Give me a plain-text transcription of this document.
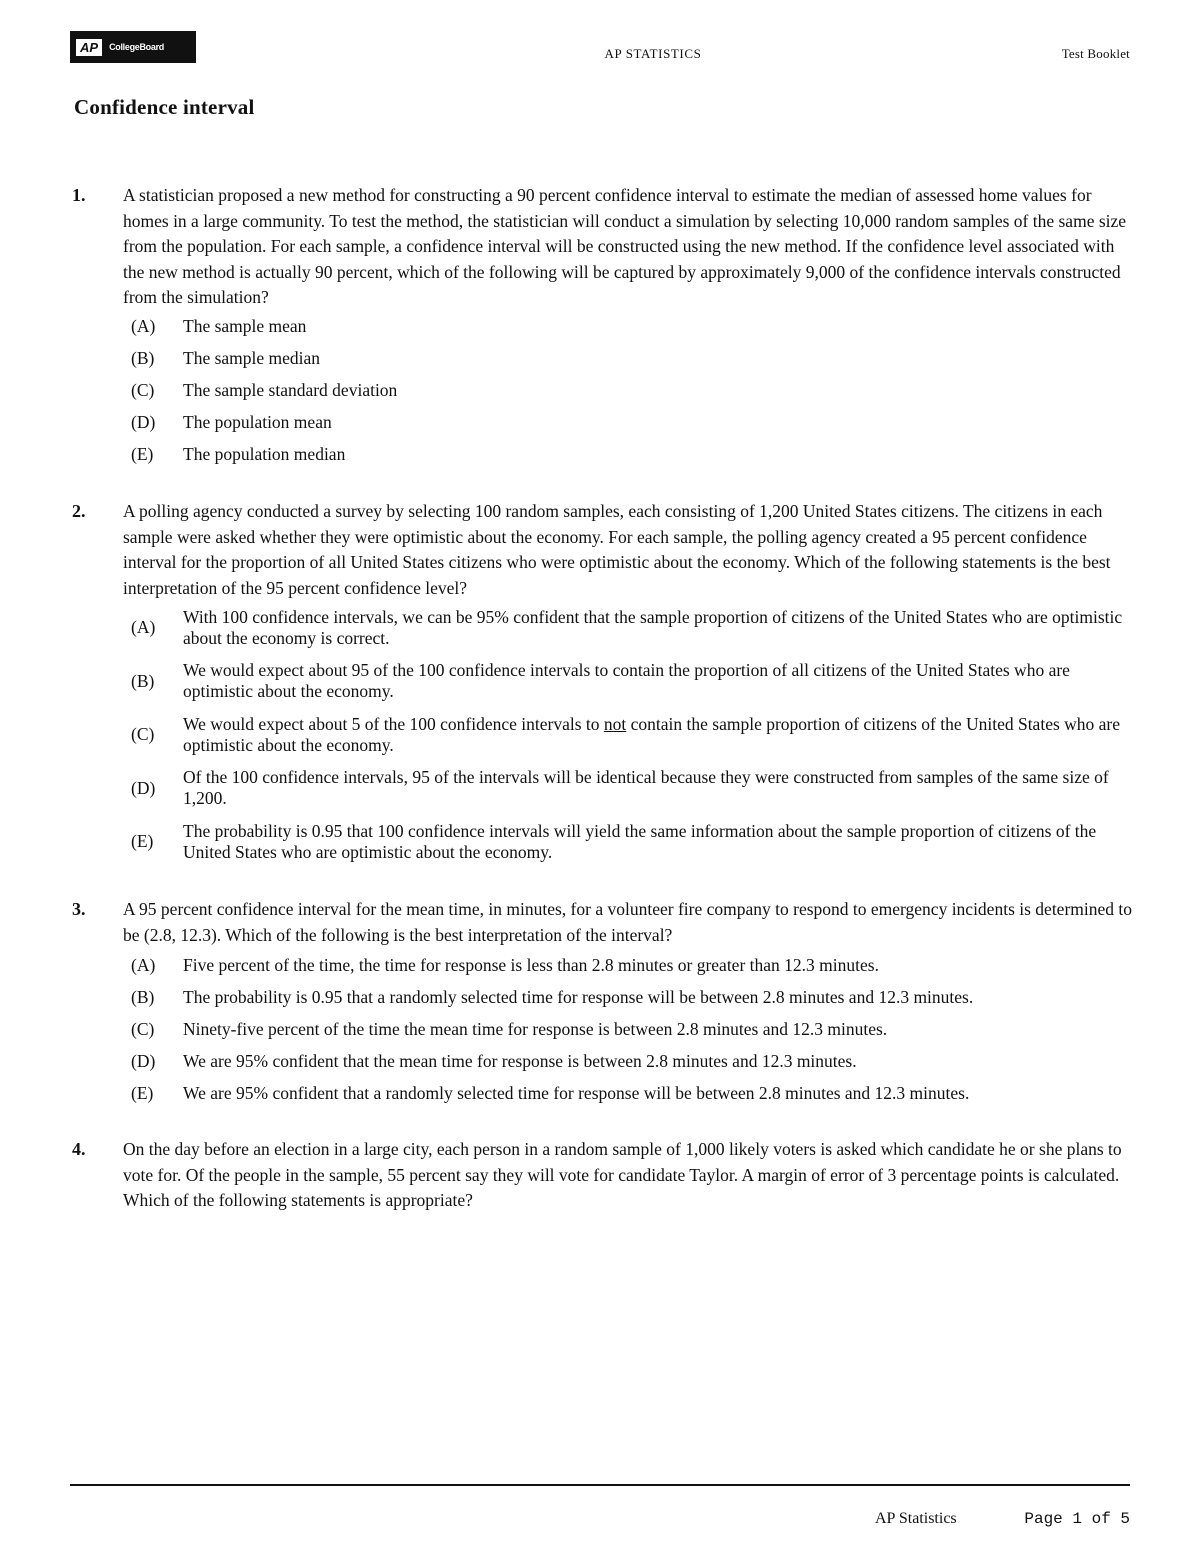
AP	CollegeBoard	AP STATISTICS	Test Booklet
Confidence interval
1. A statistician proposed a new method for constructing a 90 percent confidence interval to estimate the median of assessed home values for homes in a large community. To test the method, the statistician will conduct a simulation by selecting 10,000 random samples of the same size from the population. For each sample, a confidence interval will be constructed using the new method. If the confidence level associated with the new method is actually 90 percent, which of the following will be captured by approximately 9,000 of the confidence intervals constructed from the simulation?
(A)	The sample mean
(B)	The sample median
(C)	The sample standard deviation
(D)	The population mean
(E)	The population median
2. A polling agency conducted a survey by selecting 100 random samples, each consisting of 1,200 United States citizens. The citizens in each sample were asked whether they were optimistic about the economy. For each sample, the polling agency created a 95 percent confidence interval for the proportion of all United States citizens who were optimistic about the economy. Which of the following statements is the best interpretation of the 95 percent confidence level?
(A)
With 100 confidence intervals, we can be 95% confident that the sample proportion of citizens of the United States who are optimistic about the economy is correct.
(B)
We would expect about 95 of the 100 confidence intervals to contain the proportion of all citizens of the United States who are optimistic about the economy.
(C)
We would expect about 5 of the 100 confidence intervals to not contain the sample proportion of citizens of the United States who are optimistic about the economy.
(D)
Of the 100 confidence intervals, 95 of the intervals will be identical because they were constructed from samples of the same size of 1,200.
(E)
The probability is 0.95 that 100 confidence intervals will yield the same information about the sample proportion of citizens of the United States who are optimistic about the economy.
3. A 95 percent confidence interval for the mean time, in minutes, for a volunteer fire company to respond to emergency incidents is determined to be (2.8, 12.3). Which of the following is the best interpretation of the interval?
(A)	Five percent of the time, the time for response is less than 2.8 minutes or greater than 12.3 minutes.
(B)	The probability is 0.95 that a randomly selected time for response will be between 2.8 minutes and 12.3 minutes.
(C)	Ninety-five percent of the time the mean time for response is between 2.8 minutes and 12.3 minutes.
(D)	We are 95% confident that the mean time for response is between 2.8 minutes and 12.3 minutes.
(E)	We are 95% confident that a randomly selected time for response will be between 2.8 minutes and 12.3 minutes.
4. On the day before an election in a large city, each person in a random sample of 1,000 likely voters is asked which candidate he or she plans to vote for. Of the people in the sample, 55 percent say they will vote for candidate Taylor. A margin of error of 3 percentage points is calculated. Which of the following statements is appropriate?
AP Statistics	Page 1 of 5
